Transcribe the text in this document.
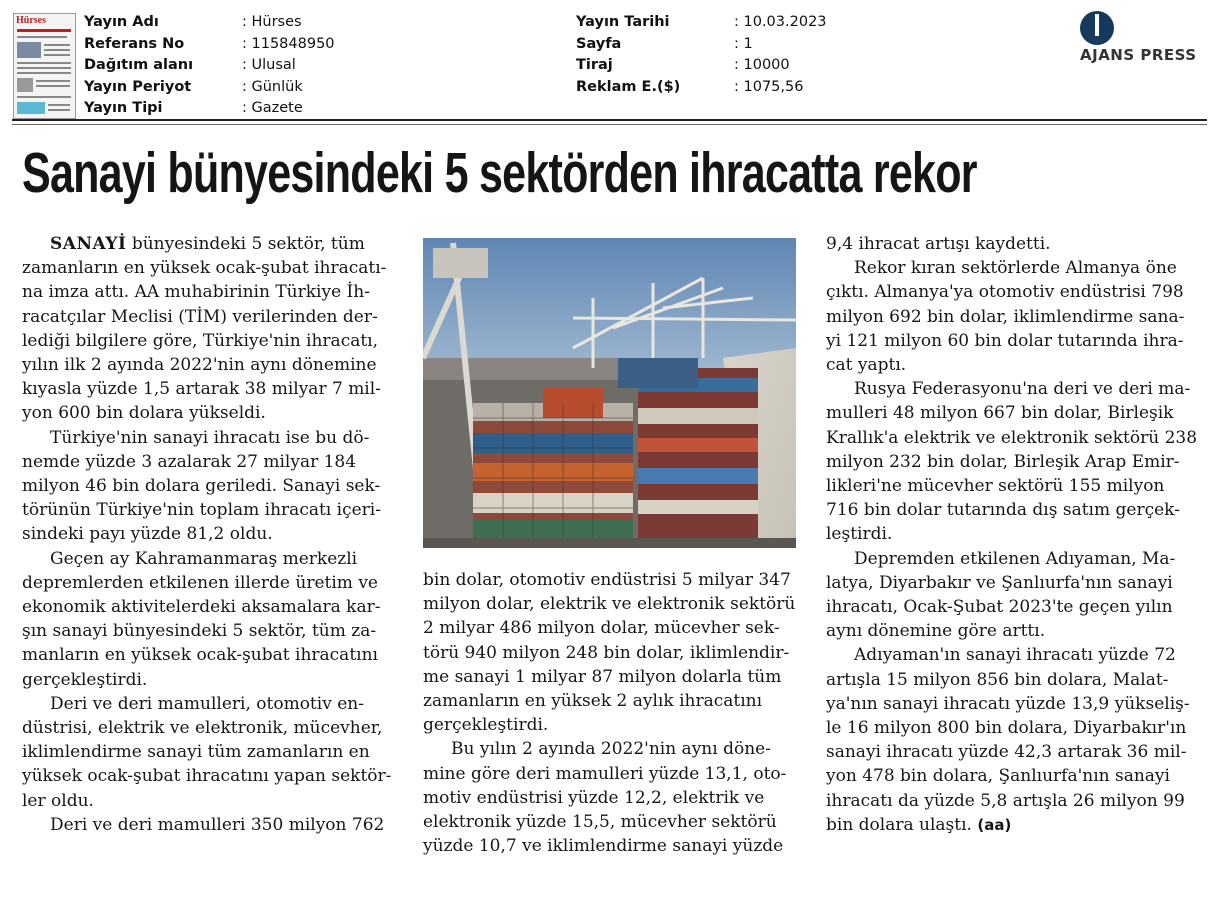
Hürses	Yayın Adı	: Hürses
Referans No	: 115848950
Dağıtım alanı	: Ulusal
Yayın Periyot	: Günlük
Yayın Tipi	: Gazete
Yayın Tarihi	: 10.03.2023
Sayfa	: 1
Tiraj	: 10000
Reklam E.($)	: 1075,56
AJANS PRESS
Sanayi bünyesindeki 5 sektörden ihracatta rekor

SANAYİ bünyesindeki 5 sektör, tüm

zamanların en yüksek ocak-şubat ihracatı-

na imza attı. AA muhabirinin Türkiye İh-

racatçılar Meclisi (TİM) verilerinden der-

lediği bilgilere göre, Türkiye'nin ihracatı,

yılın ilk 2 ayında 2022'nin aynı dönemine

kıyasla yüzde 1,5 artarak 38 milyar 7 mil-

yon 600 bin dolara yükseldi.

Türkiye'nin sanayi ihracatı ise bu dö-

nemde yüzde 3 azalarak 27 milyar 184

milyon 46 bin dolara geriledi. Sanayi sek-

törünün Türkiye'nin toplam ihracatı içeri-

sindeki payı yüzde 81,2 oldu.

Geçen ay Kahramanmaraş merkezli

depremlerden etkilenen illerde üretim ve

ekonomik aktivitelerdeki aksamalara kar-

şın sanayi bünyesindeki 5 sektör, tüm za-

manların en yüksek ocak-şubat ihracatını

gerçekleştirdi.

Deri ve deri mamulleri, otomotiv en-

düstrisi, elektrik ve elektronik, mücevher,

iklimlendirme sanayi tüm zamanların en

yüksek ocak-şubat ihracatını yapan sektör-

ler oldu.

Deri ve deri mamulleri 350 milyon 762

bin dolar, otomotiv endüstrisi 5 milyar 347

milyon dolar, elektrik ve elektronik sektörü

2 milyar 486 milyon dolar, mücevher sek-

törü 940 milyon 248 bin dolar, iklimlendir-

me sanayi 1 milyar 87 milyon dolarla tüm

zamanların en yüksek 2 aylık ihracatını

gerçekleştirdi.

Bu yılın 2 ayında 2022'nin aynı döne-

mine göre deri mamulleri yüzde 13,1, oto-

motiv endüstrisi yüzde 12,2, elektrik ve

elektronik yüzde 15,5, mücevher sektörü

yüzde 10,7 ve iklimlendirme sanayi yüzde

9,4 ihracat artışı kaydetti.

Rekor kıran sektörlerde Almanya öne

çıktı. Almanya'ya otomotiv endüstrisi 798

milyon 692 bin dolar, iklimlendirme sana-

yi 121 milyon 60 bin dolar tutarında ihra-

cat yaptı.

Rusya Federasyonu'na deri ve deri ma-

mulleri 48 milyon 667 bin dolar, Birleşik

Krallık'a elektrik ve elektronik sektörü 238

milyon 232 bin dolar, Birleşik Arap Emir-

likleri'ne mücevher sektörü 155 milyon

716 bin dolar tutarında dış satım gerçek-

leştirdi.

Depremden etkilenen Adıyaman, Ma-

latya, Diyarbakır ve Şanlıurfa'nın sanayi

ihracatı, Ocak-Şubat 2023'te geçen yılın

aynı dönemine göre arttı.

Adıyaman'ın sanayi ihracatı yüzde 72

artışla 15 milyon 856 bin dolara, Malat-

ya'nın sanayi ihracatı yüzde 13,9 yükseliş-

le 16 milyon 800 bin dolara, Diyarbakır'ın

sanayi ihracatı yüzde 42,3 artarak 36 mil-

yon 478 bin dolara, Şanlıurfa'nın sanayi

ihracatı da yüzde 5,8 artışla 26 milyon 99

bin dolara ulaştı. (aa)
